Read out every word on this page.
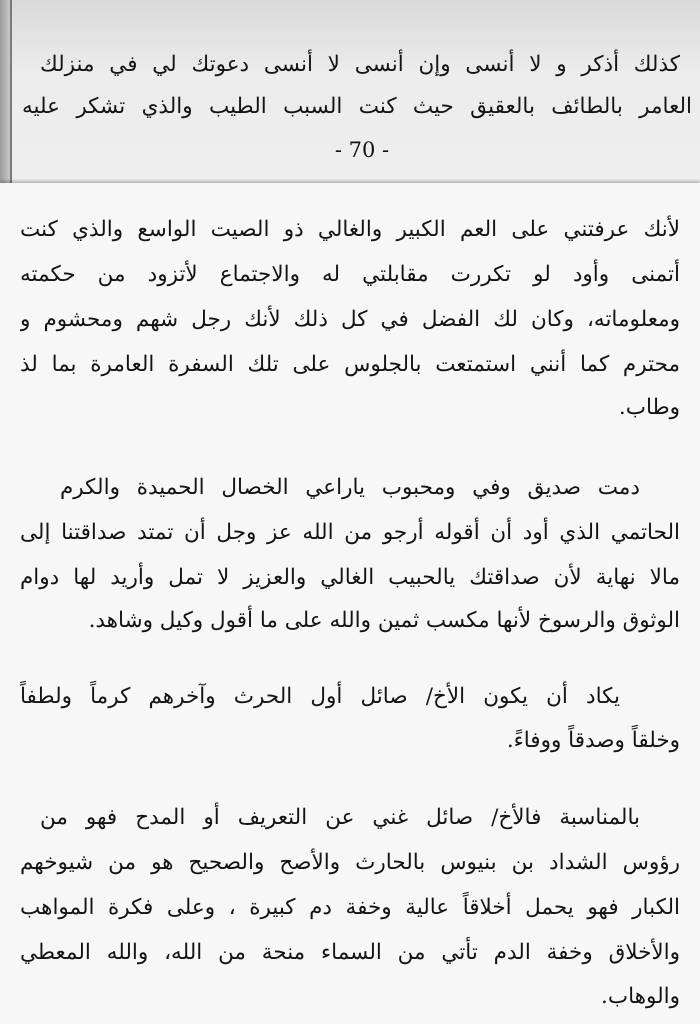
كذلك أذكر و لا أنسى وإن أنسى لا أنسى دعوتك لي في منزلك
العامر بالطائف بالعقيق حيث كنت السبب الطيب والذي تشكر عليه
- 70 -
لأنك عرفتني على العم الكبير والغالي ذو الصيت الواسع والذي كنت
أتمنى وأود لو تكررت مقابلتي له والاجتماع لأتزود من حكمته
ومعلوماته، وكان لك الفضل في كل ذلك لأنك رجل شهم ومحشوم و
محترم كما أنني استمتعت بالجلوس على تلك السفرة العامرة بما لذ
وطاب.
دمت صديق وفي ومحبوب ياراعي الخصال الحميدة والكرم
الحاتمي الذي أود أن أقوله أرجو من الله عز وجل أن تمتد صداقتنا إلى
مالا نهاية لأن صداقتك يالحبيب الغالي والعزيز لا تمل وأريد لها دوام
الوثوق والرسوخ لأنها مكسب ثمين والله على ما أقول وكيل وشاهد.
يكاد أن يكون الأخ/ صائل أول الحرث وآخرهم كرماً ولطفاً
وخلقاً وصدقاً ووفاءً.
بالمناسبة فالأخ/ صائل غني عن التعريف أو المدح فهو من
رؤوس الشداد بن بنيوس بالحارث والأصح والصحيح هو من شيوخهم
الكبار فهو يحمل أخلاقاً عالية وخفة دم كبيرة ، وعلى فكرة المواهب
والأخلاق وخفة الدم تأتي من السماء منحة من الله، والله المعطي
والوهاب.
